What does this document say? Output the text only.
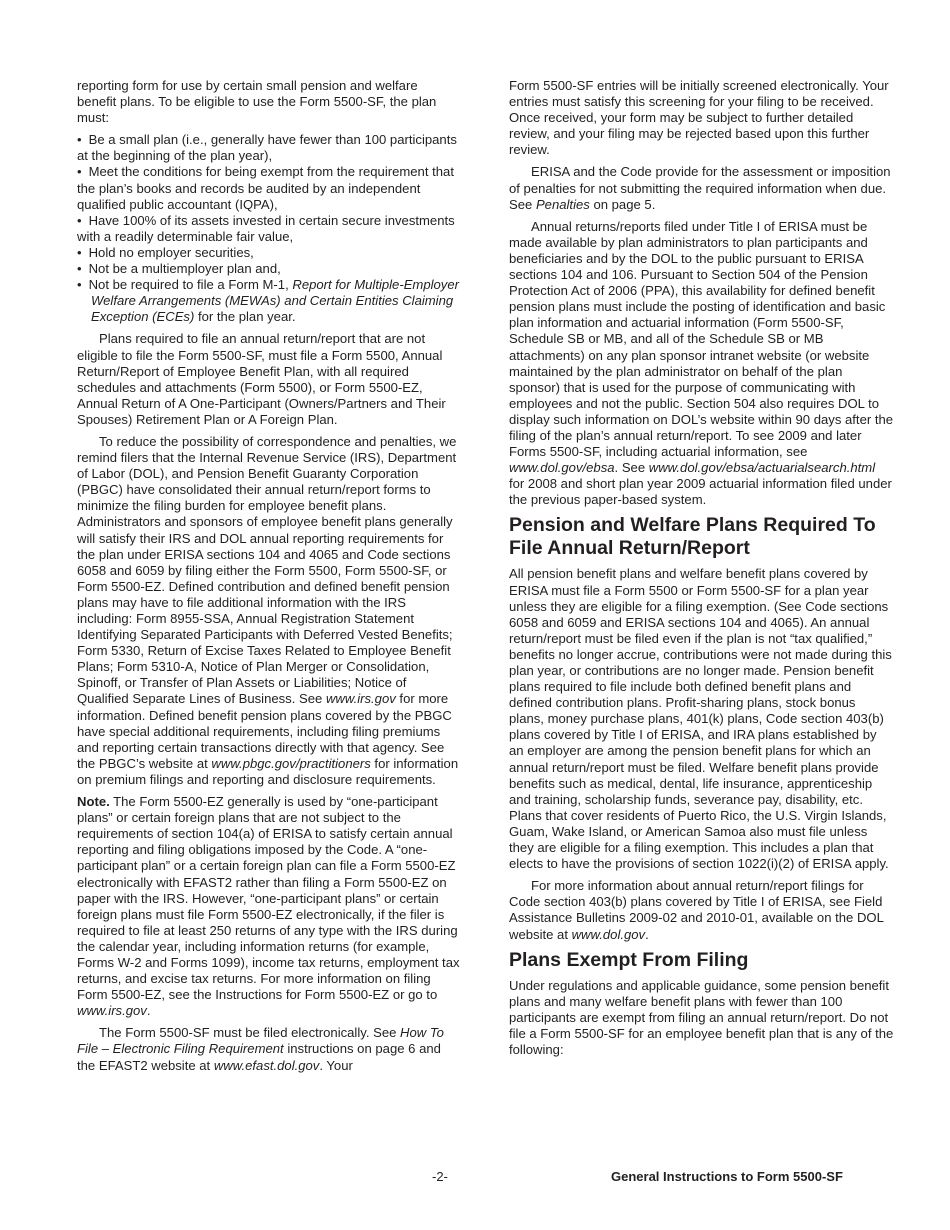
reporting form for use by certain small pension and welfare benefit plans. To be eligible to use the Form 5500-SF, the plan must:

• Be a small plan (i.e., generally have fewer than 100 participants at the beginning of the plan year),
• Meet the conditions for being exempt from the requirement that the plan’s books and records be audited by an independent qualified public accountant (IQPA),
• Have 100% of its assets invested in certain secure investments with a readily determinable fair value,
• Hold no employer securities,
• Not be a multiemployer plan and,
• Not be required to file a Form M-1, Report for Multiple-Employer Welfare Arrangements (MEWAs) and Certain Entities Claiming Exception (ECEs) for the plan year.

Plans required to file an annual return/report that are not eligible to file the Form 5500-SF, must file a Form 5500, Annual Return/Report of Employee Benefit Plan, with all required schedules and attachments (Form 5500), or Form 5500-EZ, Annual Return of A One-Participant (Owners/Partners and Their Spouses) Retirement Plan or A Foreign Plan.

To reduce the possibility of correspondence and penalties, we remind filers that the Internal Revenue Service (IRS), Department of Labor (DOL), and Pension Benefit Guaranty Corporation (PBGC) have consolidated their annual return/report forms to minimize the filing burden for employee benefit plans. Administrators and sponsors of employee benefit plans generally will satisfy their IRS and DOL annual reporting requirements for the plan under ERISA sections 104 and 4065 and Code sections 6058 and 6059 by filing either the Form 5500, Form 5500-SF, or Form 5500-EZ. Defined contribution and defined benefit pension plans may have to file additional information with the IRS including: Form 8955-SSA, Annual Registration Statement Identifying Separated Participants with Deferred Vested Benefits; Form 5330, Return of Excise Taxes Related to Employee Benefit Plans; Form 5310-A, Notice of Plan Merger or Consolidation, Spinoff, or Transfer of Plan Assets or Liabilities; Notice of Qualified Separate Lines of Business. See www.irs.gov for more information. Defined benefit pension plans covered by the PBGC have special additional requirements, including filing premiums and reporting certain transactions directly with that agency. See the PBGC’s website at www.pbgc.gov/practitioners for information on premium filings and reporting and disclosure requirements.

Note. The Form 5500-EZ generally is used by “one-participant plans” or certain foreign plans that are not subject to the requirements of section 104(a) of ERISA to satisfy certain annual reporting and filing obligations imposed by the Code. A “one-participant plan” or a certain foreign plan can file a Form 5500-EZ electronically with EFAST2 rather than filing a Form 5500-EZ on paper with the IRS. However, “one-participant plans” or certain foreign plans must file Form 5500-EZ electronically, if the filer is required to file at least 250 returns of any type with the IRS during the calendar year, including information returns (for example, Forms W-2 and Forms 1099), income tax returns, employment tax returns, and excise tax returns. For more information on filing Form 5500-EZ, see the Instructions for Form 5500-EZ or go to www.irs.gov.

The Form 5500-SF must be filed electronically. See How To File – Electronic Filing Requirement instructions on page 6 and the EFAST2 website at www.efast.dol.gov. Your

Form 5500-SF entries will be initially screened electronically. Your entries must satisfy this screening for your filing to be received. Once received, your form may be subject to further detailed review, and your filing may be rejected based upon this further review.

ERISA and the Code provide for the assessment or imposition of penalties for not submitting the required information when due. See Penalties on page 5.

Annual returns/reports filed under Title I of ERISA must be made available by plan administrators to plan participants and beneficiaries and by the DOL to the public pursuant to ERISA sections 104 and 106. Pursuant to Section 504 of the Pension Protection Act of 2006 (PPA), this availability for defined benefit pension plans must include the posting of identification and basic plan information and actuarial information (Form 5500-SF, Schedule SB or MB, and all of the Schedule SB or MB attachments) on any plan sponsor intranet website (or website maintained by the plan administrator on behalf of the plan sponsor) that is used for the purpose of communicating with employees and not the public. Section 504 also requires DOL to display such information on DOL’s website within 90 days after the filing of the plan’s annual return/report. To see 2009 and later Forms 5500-SF, including actuarial information, see www.dol.gov/ebsa. See www.dol.gov/ebsa/actuarialsearch.html for 2008 and short plan year 2009 actuarial information filed under the previous paper-based system.

Pension and Welfare Plans Required To File Annual Return/Report

All pension benefit plans and welfare benefit plans covered by ERISA must file a Form 5500 or Form 5500-SF for a plan year unless they are eligible for a filing exemption. (See Code sections 6058 and 6059 and ERISA sections 104 and 4065). An annual return/report must be filed even if the plan is not “tax qualified,” benefits no longer accrue, contributions were not made during this plan year, or contributions are no longer made. Pension benefit plans required to file include both defined benefit plans and defined contribution plans. Profit-sharing plans, stock bonus plans, money purchase plans, 401(k) plans, Code section 403(b) plans covered by Title I of ERISA, and IRA plans established by an employer are among the pension benefit plans for which an annual return/report must be filed. Welfare benefit plans provide benefits such as medical, dental, life insurance, apprenticeship and training, scholarship funds, severance pay, disability, etc. Plans that cover residents of Puerto Rico, the U.S. Virgin Islands, Guam, Wake Island, or American Samoa also must file unless they are eligible for a filing exemption. This includes a plan that elects to have the provisions of section 1022(i)(2) of ERISA apply.

For more information about annual return/report filings for Code section 403(b) plans covered by Title I of ERISA, see Field Assistance Bulletins 2009-02 and 2010-01, available on the DOL website at www.dol.gov.

Plans Exempt From Filing

Under regulations and applicable guidance, some pension benefit plans and many welfare benefit plans with fewer than 100 participants are exempt from filing an annual return/report. Do not file a Form 5500-SF for an employee benefit plan that is any of the following:

-2-	General Instructions to Form 5500-SF
